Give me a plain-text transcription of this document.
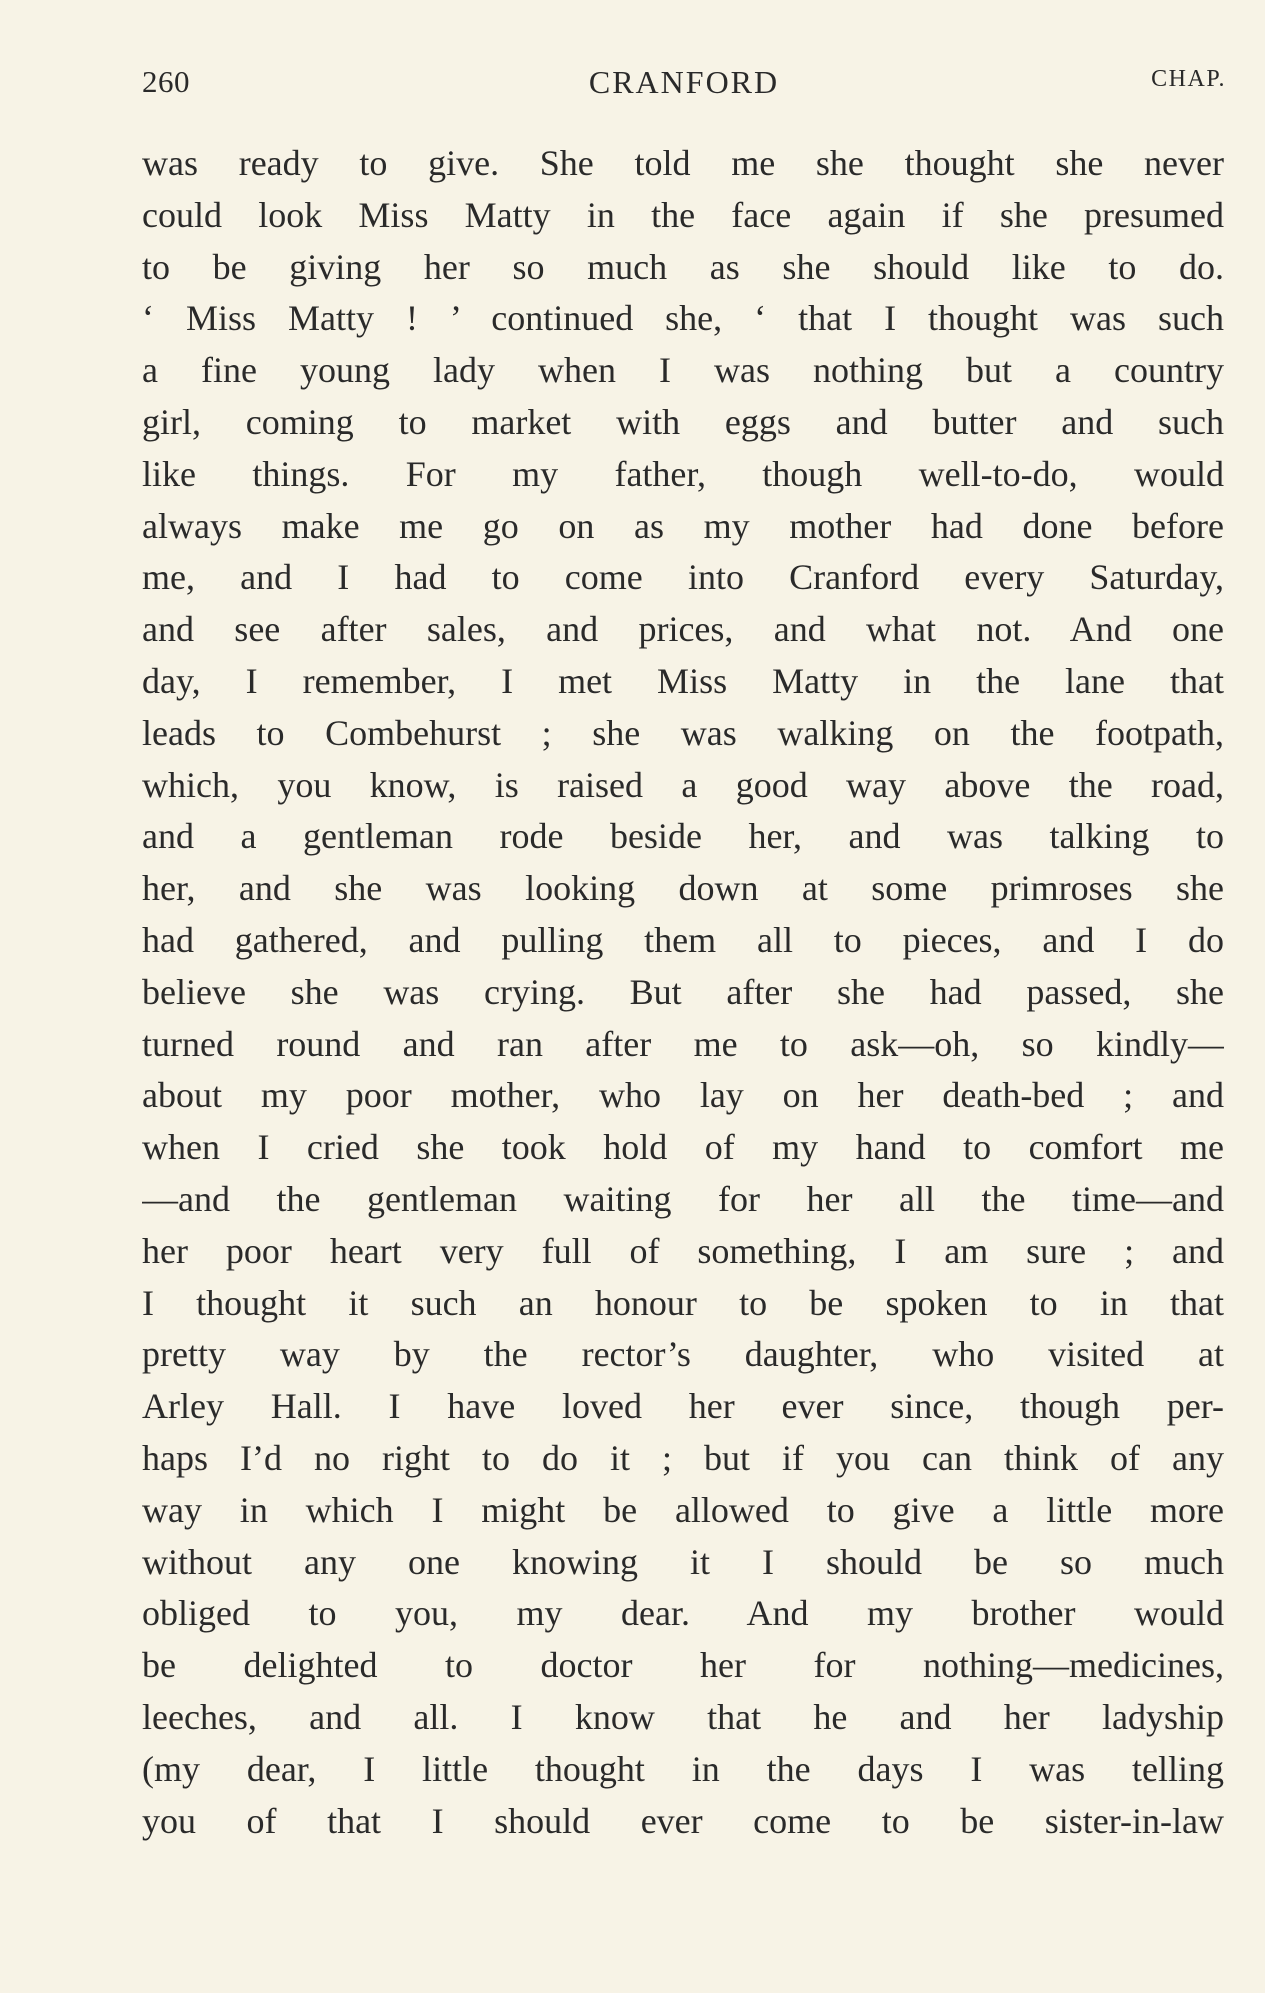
260	CRANFORD	CHAP.
was ready to give. She told me she thought she never
could look Miss Matty in the face again if she presumed
to be giving her so much as she should like to do.
‘ Miss Matty ! ’ continued she, ‘ that I thought was such
a fine young lady when I was nothing but a country
girl, coming to market with eggs and butter and such
like things. For my father, though well-to-do, would
always make me go on as my mother had done before
me, and I had to come into Cranford every Saturday,
and see after sales, and prices, and what not. And one
day, I remember, I met Miss Matty in the lane that
leads to Combehurst ; she was walking on the footpath,
which, you know, is raised a good way above the road,
and a gentleman rode beside her, and was talking to
her, and she was looking down at some primroses she
had gathered, and pulling them all to pieces, and I do
believe she was crying. But after she had passed, she
turned round and ran after me to ask—oh, so kindly—
about my poor mother, who lay on her death-bed ; and
when I cried she took hold of my hand to comfort me
—and the gentleman waiting for her all the time—and
her poor heart very full of something, I am sure ; and
I thought it such an honour to be spoken to in that
pretty way by the rector’s daughter, who visited at
Arley Hall. I have loved her ever since, though per-
haps I’d no right to do it ; but if you can think of any
way in which I might be allowed to give a little more
without any one knowing it I should be so much
obliged to you, my dear. And my brother would
be delighted to doctor her for nothing—medicines,
leeches, and all. I know that he and her ladyship
(my dear, I little thought in the days I was telling
you of that I should ever come to be sister-in-law
